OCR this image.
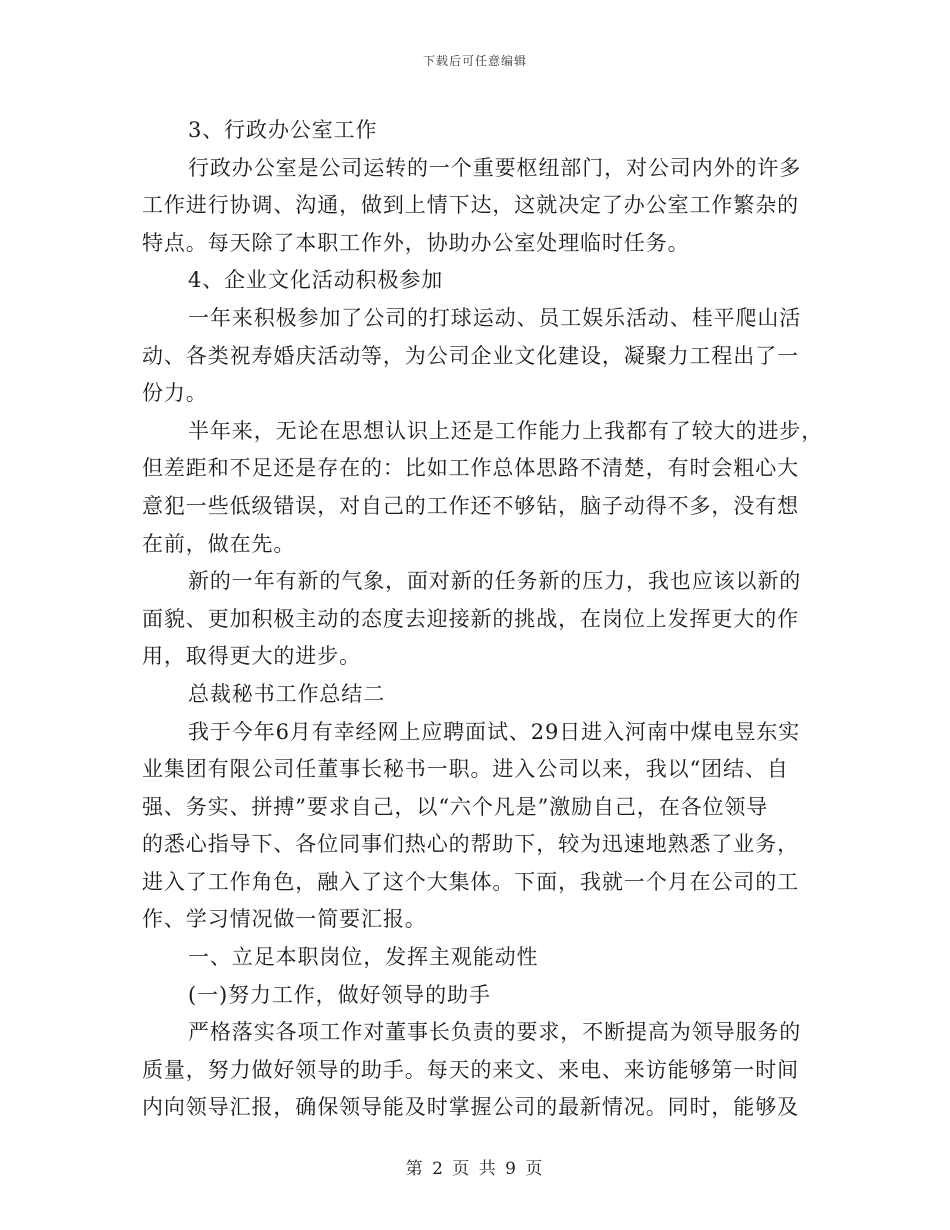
下载后可任意编辑
3、行政办公室工作
行政办公室是公司运转的一个重要枢纽部门，对公司内外的许多
工作进行协调、沟通，做到上情下达，这就决定了办公室工作繁杂的
特点。每天除了本职工作外，协助办公室处理临时任务。
4、企业文化活动积极参加
一年来积极参加了公司的打球运动、员工娱乐活动、桂平爬山活
动、各类祝寿婚庆活动等，为公司企业文化建设，凝聚力工程出了一
份力。
半年来，无论在思想认识上还是工作能力上我都有了较大的进步，
但差距和不足还是存在的：比如工作总体思路不清楚，有时会粗心大
意犯一些低级错误，对自己的工作还不够钻，脑子动得不多，没有想
在前，做在先。
新的一年有新的气象，面对新的任务新的压力，我也应该以新的
面貌、更加积极主动的态度去迎接新的挑战，在岗位上发挥更大的作
用，取得更大的进步。
总裁秘书工作总结二
我于今年6月有幸经网上应聘面试、29日进入河南中煤电昱东实
业集团有限公司任董事长秘书一职。进入公司以来，我以“团结、自
强、务实、拼搏”要求自己，以“六个凡是”激励自己，在各位领导
的悉心指导下、各位同事们热心的帮助下，较为迅速地熟悉了业务，
进入了工作角色，融入了这个大集体。下面，我就一个月在公司的工
作、学习情况做一简要汇报。
一、立足本职岗位，发挥主观能动性
(一)努力工作，做好领导的助手
严格落实各项工作对董事长负责的要求，不断提高为领导服务的
质量，努力做好领导的助手。每天的来文、来电、来访能够第一时间
内向领导汇报，确保领导能及时掌握公司的最新情况。同时，能够及
第 2 页 共 9 页
